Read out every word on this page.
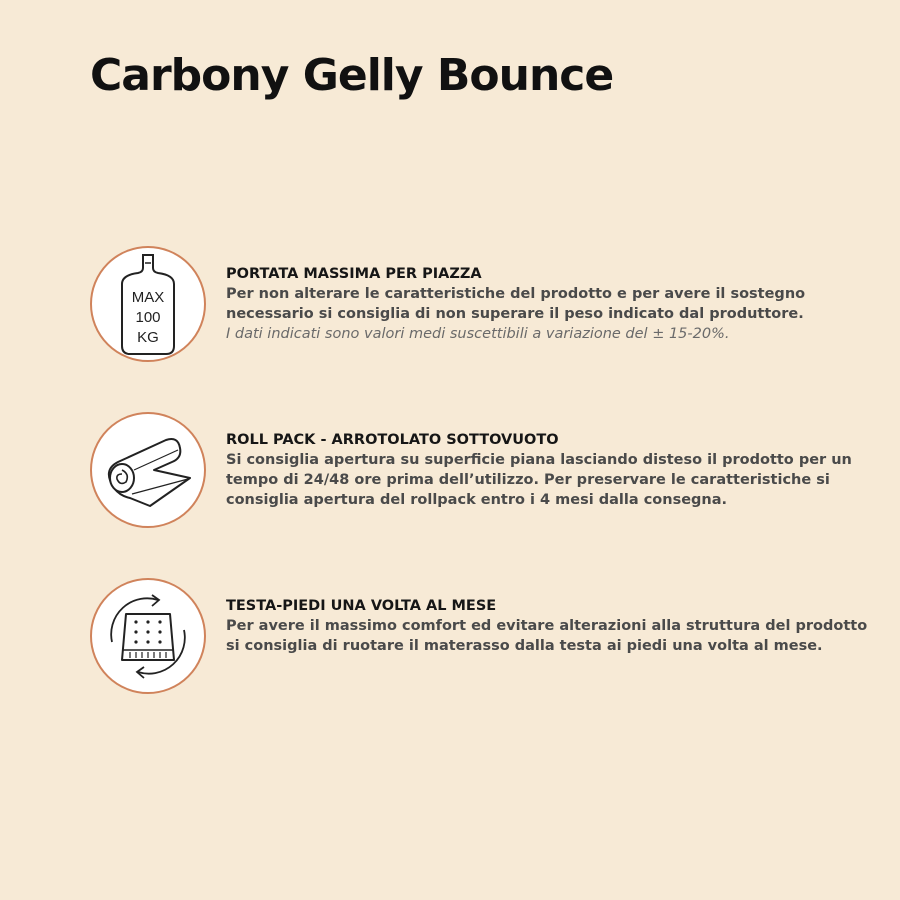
Carbony Gelly Bounce
MAX
100
KG
PORTATA MASSIMA PER PIAZZA

Per non alterare le caratteristiche del prodotto e per avere il sostegno
necessario si consiglia di non superare il peso indicato dal produttore.

I dati indicati sono valori medi suscettibili a variazione del ± 15-20%.

ROLL PACK - ARROTOLATO SOTTOVUOTO

Si consiglia apertura su superficie piana lasciando disteso il prodotto per un
tempo di 24/48 ore prima dell’utilizzo. Per preservare le caratteristiche si
consiglia apertura del rollpack entro i 4 mesi dalla consegna.

TESTA-PIEDI UNA VOLTA AL MESE

Per avere il massimo comfort ed evitare alterazioni alla struttura del prodotto
si consiglia di ruotare il materasso dalla testa ai piedi una volta al mese.
